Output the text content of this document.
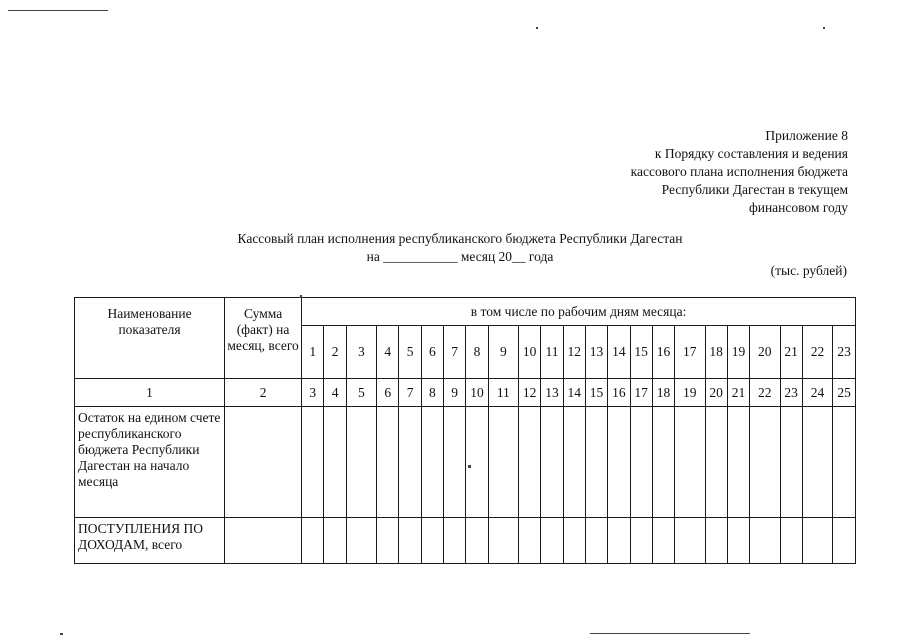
Приложение 8
к Порядку составления и ведения
кассового плана исполнения бюджета
Республики Дагестан в текущем
финансовом году
Кассовый план исполнения республиканского бюджета Республики Дагестан
на ___________ месяц 20__ года
(тыс. рублей)
Наименование показателя	Сумма (факт) на месяц, всего	в том числе по рабочим дням месяца:																						
		1	2	3	4	5	6	7	8	9	10	11	12	13	14	15	16	17	18	19	20	21	22	23
1	2	3	4	5	6	7	8	9	10	11	12	13	14	15	16	17	18	19	20	21	22	23	24	25
Остаток на едином счете республиканского бюджета Республики Дагестан на начало месяца																								
ПОСТУПЛЕНИЯ ПО ДОХОДАМ, всего																								
